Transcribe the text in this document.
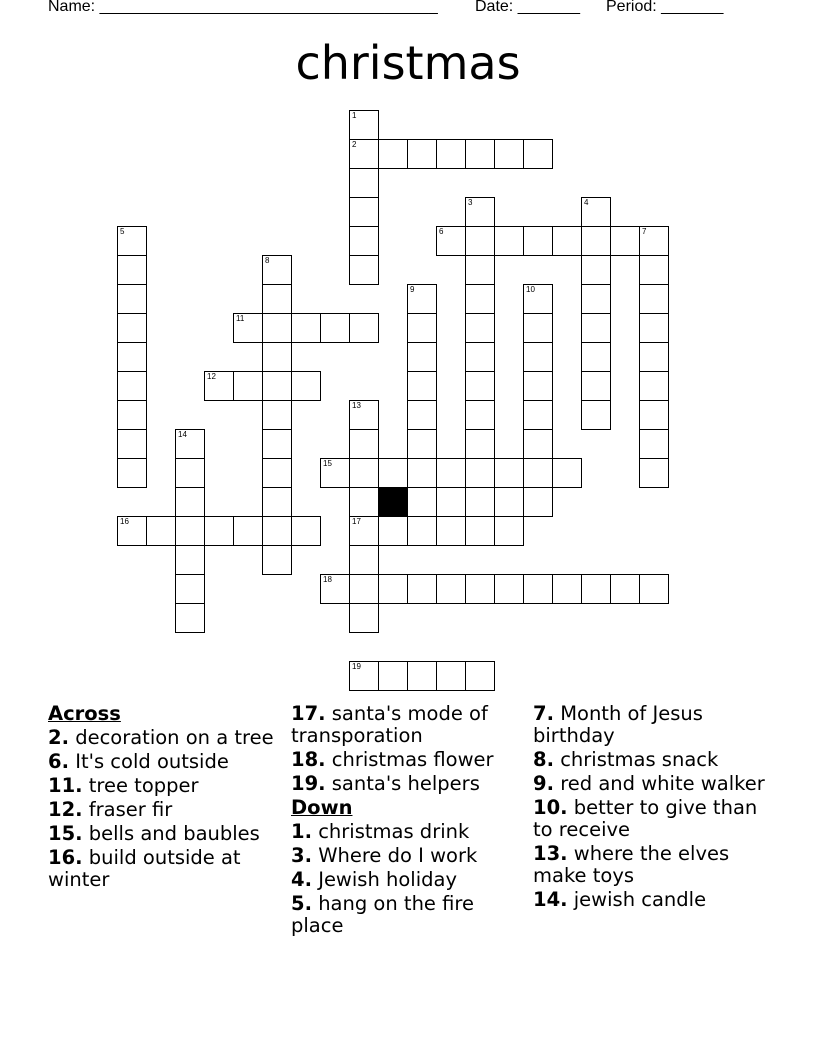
Name: ______________________________________ Date: _______ Period: _______
christmas
1
2
3	4
5	6	7
8
9	10
11
12
13
17
14
15
16
18
19
Across
2. decoration on a tree
6. It's cold outside
11. tree topper
12. fraser fir
15. bells and baubles
16. build outside at winter
17. santa's mode of transporation
18. christmas flower
19. santa's helpers
Down
1. christmas drink
3. Where do I work
4. Jewish holiday
5. hang on the fire place
7. Month of Jesus birthday
8. christmas snack
9. red and white walker
10. better to give than to receive
13. where the elves make toys
14. jewish candle
